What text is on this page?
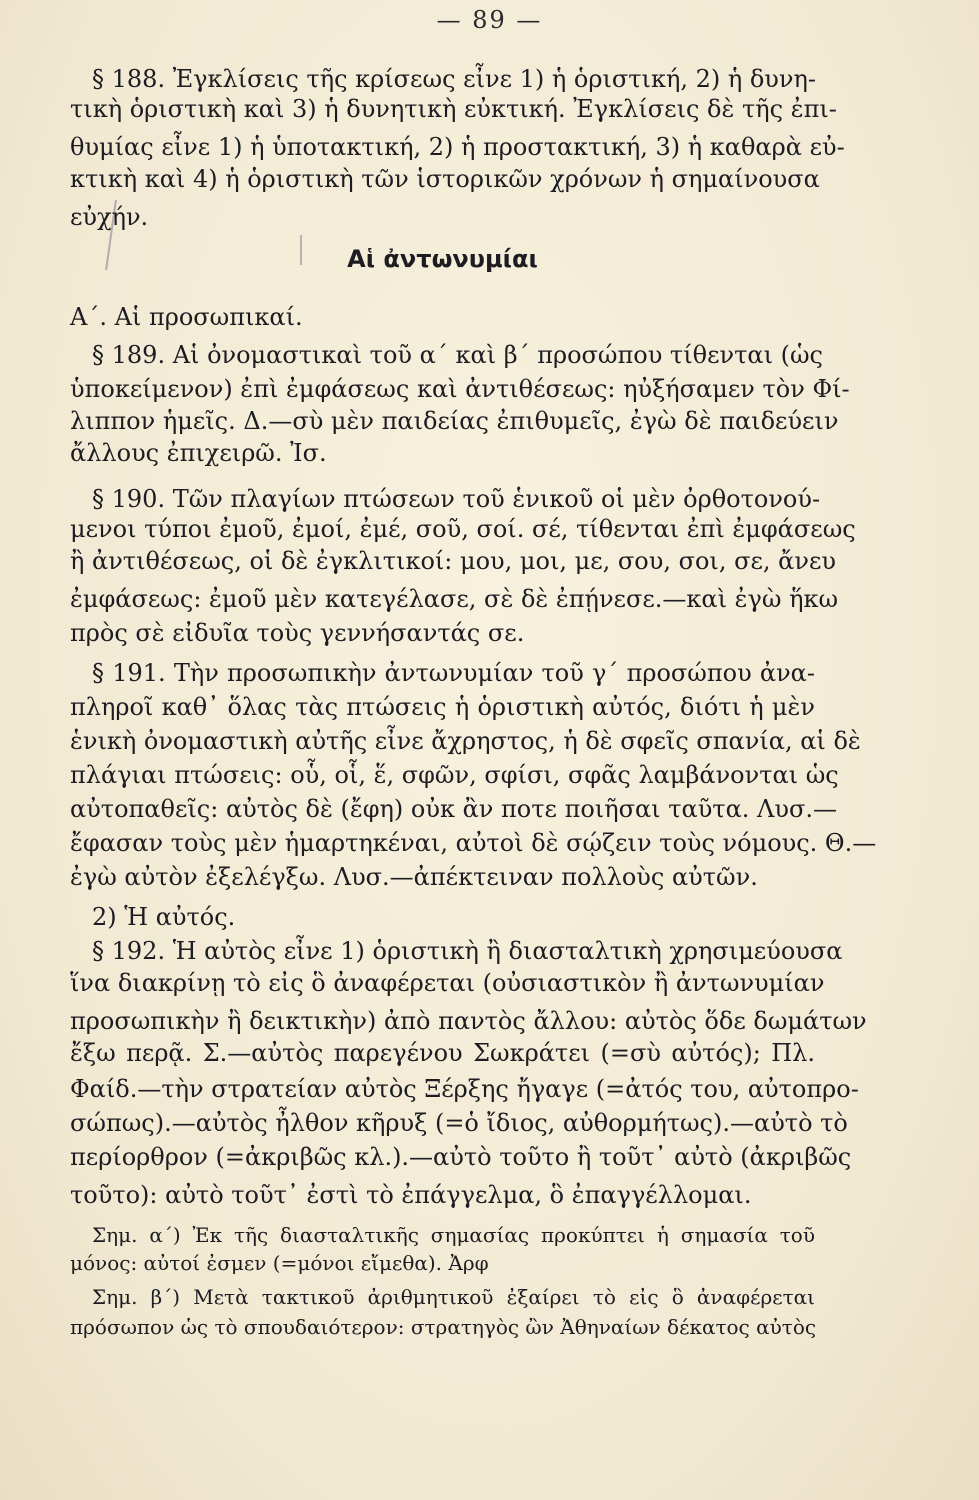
— 89 —
§ 188. Ἐγκλίσεις τῆς κρίσεως εἶνε 1) ἡ ὁριστική, 2) ἡ δυνη-
τικὴ ὁριστικὴ καὶ 3) ἡ δυνητικὴ εὐκτική. Ἐγκλίσεις δὲ τῆς ἐπι-
θυμίας εἶνε 1) ἡ ὑποτακτική, 2) ἡ προστακτική, 3) ἡ καθαρὰ εὐ-
κτικὴ καὶ 4) ἡ ὁριστικὴ τῶν ἱστορικῶν χρόνων ἡ σημαίνουσα
εὐχήν.
Αἱ ἀντωνυμίαι
Α΄. Αἱ προσωπικαί.
§ 189. Αἱ ὀνομαστικαὶ τοῦ α΄ καὶ β΄ προσώπου τίθενται (ὡς
ὑποκείμενον) ἐπὶ ἐμφάσεως καὶ ἀντιθέσεως: ηὐξήσαμεν τὸν Φί-
λιππον ἡμεῖς. Δ.—σὺ μὲν παιδείας ἐπιθυμεῖς, ἐγὼ δὲ παιδεύειν
ἄλλους ἐπιχειρῶ. Ἰσ.
§ 190. Τῶν πλαγίων πτώσεων τοῦ ἑνικοῦ οἱ μὲν ὀρθοτονού-
μενοι τύποι ἐμοῦ, ἐμοί, ἐμέ, σοῦ, σοί. σέ, τίθενται ἐπὶ ἐμφάσεως
ἢ ἀντιθέσεως, οἱ δὲ ἐγκλιτικοί: μου, μοι, με, σου, σοι, σε, ἄνευ
ἐμφάσεως: ἐμοῦ μὲν κατεγέλασε, σὲ δὲ ἐπῄνεσε.—καὶ ἐγὼ ἥκω
πρὸς σὲ εἰδυῖα τοὺς γεννήσαντάς σε.
§ 191. Τὴν προσωπικὴν ἀντωνυμίαν τοῦ γ΄ προσώπου ἀνα-
πληροῖ καθ᾽ ὅλας τὰς πτώσεις ἡ ὁριστικὴ αὐτός, διότι ἡ μὲν
ἑνικὴ ὀνομαστικὴ αὐτῆς εἶνε ἄχρηστος, ἡ δὲ σφεῖς σπανία, αἱ δὲ
πλάγιαι πτώσεις: οὗ, οἷ, ἕ, σφῶν, σφίσι, σφᾶς λαμβάνονται ὡς
αὐτοπαθεῖς: αὐτὸς δὲ (ἔφη) οὐκ ἂν ποτε ποιῆσαι ταῦτα. Λυσ.—
ἔφασαν τοὺς μὲν ἡμαρτηκέναι, αὐτοὶ δὲ σῴζειν τοὺς νόμους. Θ.—
ἐγὼ αὐτὸν ἐξελέγξω. Λυσ.—ἀπέκτειναν πολλοὺς αὐτῶν.
2) Ἡ αὐτός.
§ 192. Ἡ αὐτὸς εἶνε 1) ὁριστικὴ ἢ διασταλτικὴ χρησιμεύουσα
ἵνα διακρίνῃ τὸ εἰς ὃ ἀναφέρεται (οὐσιαστικὸν ἢ ἀντωνυμίαν
προσωπικὴν ἢ δεικτικὴν) ἀπὸ παντὸς ἄλλου: αὐτὸς ὅδε δωμάτων
ἔξω περᾷ. Σ.—αὐτὸς παρεγένου Σωκράτει (=σὺ αὐτός); Πλ.
Φαίδ.—τὴν στρατείαν αὐτὸς Ξέρξης ἤγαγε (=ἀτός του, αὐτοπρο-
σώπως).—αὐτὸς ἦλθον κῆρυξ (=ὁ ἴδιος, αὐθορμήτως).—αὐτὸ τὸ
περίορθρον (=ἀκριβῶς κλ.).—αὐτὸ τοῦτο ἢ τοῦτ᾽ αὐτὸ (ἀκριβῶς
τοῦτο): αὐτὸ τοῦτ᾽ ἐστὶ τὸ ἐπάγγελμα, ὃ ἐπαγγέλλομαι.
Σημ. α΄) Ἐκ τῆς διασταλτικῆς σημασίας προκύπτει ἡ σημασία τοῦ
μόνος: αὐτοί ἐσμεν (=μόνοι εἴμεθα). Ἀρφ
Σημ. β΄) Μετὰ τακτικοῦ ἀριθμητικοῦ ἐξαίρει τὸ εἰς ὃ ἀναφέρεται
πρόσωπον ὡς τὸ σπουδαιότερον: στρατηγὸς ὢν Ἀθηναίων δέκατος αὐτὸς
